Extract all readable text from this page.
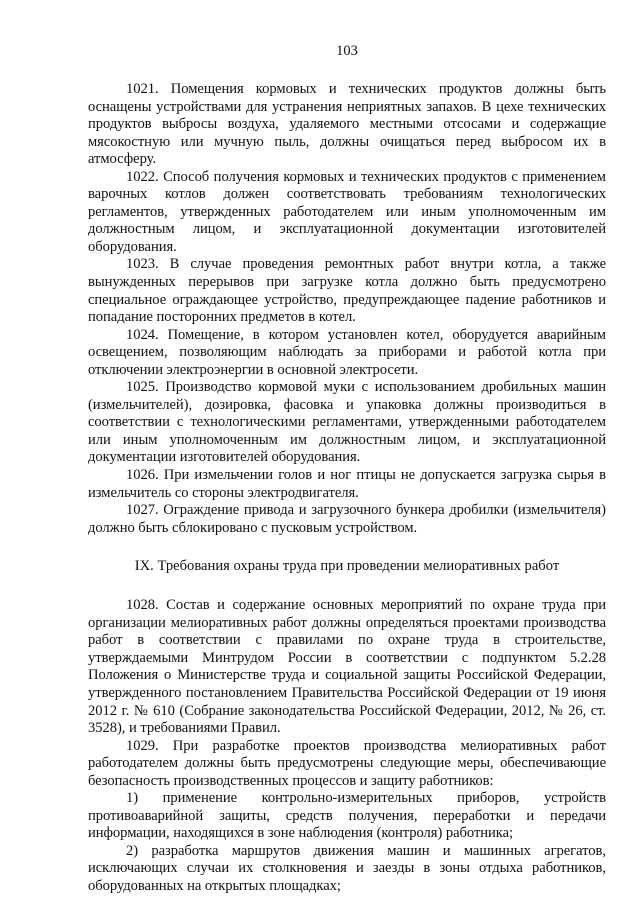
103

1021. Помещения кормовых и технических продуктов должны быть оснащены устройствами для устранения неприятных запахов. В цехе технических продуктов выбросы воздуха, удаляемого местными отсосами и содержащие мясокостную или мучную пыль, должны очищаться перед выбросом их в атмосферу.

1022. Способ получения кормовых и технических продуктов с применением варочных котлов должен соответствовать требованиям технологических регламентов, утвержденных работодателем или иным уполномоченным им должностным лицом, и эксплуатационной документации изготовителей оборудования.

1023. В случае проведения ремонтных работ внутри котла, а также вынужденных перерывов при загрузке котла должно быть предусмотрено специальное ограждающее устройство, предупреждающее падение работников и попадание посторонних предметов в котел.

1024. Помещение, в котором установлен котел, оборудуется аварийным освещением, позволяющим наблюдать за приборами и работой котла при отключении электроэнергии в основной электросети.

1025. Производство кормовой муки с использованием дробильных машин (измельчителей), дозировка, фасовка и упаковка должны производиться в соответствии с технологическими регламентами, утвержденными работодателем или иным уполномоченным им должностным лицом, и эксплуатационной документации изготовителей оборудования.

1026. При измельчении голов и ног птицы не допускается загрузка сырья в измельчитель со стороны электродвигателя.

1027. Ограждение привода и загрузочного бункера дробилки (измельчителя) должно быть сблокировано с пусковым устройством.

IX. Требования охраны труда при проведении мелиоративных работ

1028. Состав и содержание основных мероприятий по охране труда при организации мелиоративных работ должны определяться проектами производства работ в соответствии с правилами по охране труда в строительстве, утверждаемыми Минтрудом России в соответствии с подпунктом 5.2.28 Положения о Министерстве труда и социальной защиты Российской Федерации, утвержденного постановлением Правительства Российской Федерации от 19 июня 2012 г. № 610 (Собрание законодательства Российской Федерации, 2012, № 26, ст. 3528), и требованиями Правил.

1029. При разработке проектов производства мелиоративных работ работодателем должны быть предусмотрены следующие меры, обеспечивающие безопасность производственных процессов и защиту работников:

1) применение контрольно-измерительных приборов, устройств противоаварийной защиты, средств получения, переработки и передачи информации, находящихся в зоне наблюдения (контроля) работника;

2) разработка маршрутов движения машин и машинных агрегатов, исключающих случаи их столкновения и заезды в зоны отдыха работников, оборудованных на открытых площадках;
